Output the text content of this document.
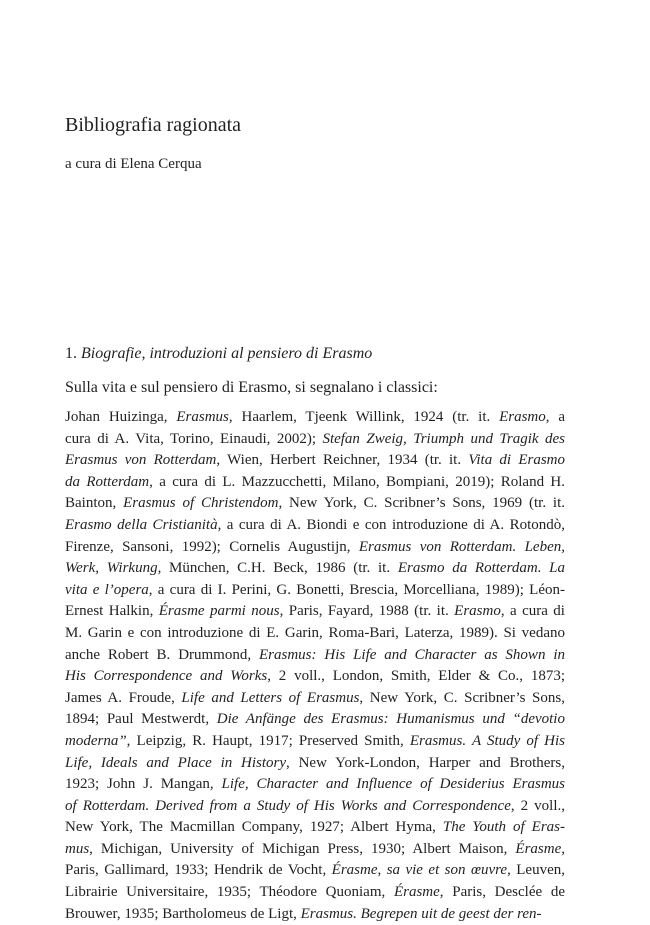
Bibliografia ragionata

a cura di Elena Cerqua

1. Biografie, introduzioni al pensiero di Erasmo

Sulla vita e sul pensiero di Erasmo, si segnalano i classici:

Johan Huizinga, Erasmus, Haarlem, Tjeenk Willink, 1924 (tr. it. Erasmo, a
cura di A. Vita, Torino, Einaudi, 2002); Stefan Zweig, Triumph und Tragik des
Erasmus von Rotterdam, Wien, Herbert Reichner, 1934 (tr. it. Vita di Erasmo
da Rotterdam, a cura di L. Mazzucchetti, Milano, Bompiani, 2019); Roland H.
Bainton, Erasmus of Christendom, New York, C. Scribner’s Sons, 1969 (tr. it.
Erasmo della Cristianità, a cura di A. Biondi e con introduzione di A. Rotondò,
Firenze, Sansoni, 1992); Cornelis Augustijn, Erasmus von Rotterdam. Leben,
Werk, Wirkung, München, C.H. Beck, 1986 (tr. it. Erasmo da Rotterdam. La
vita e l’opera, a cura di I. Perini, G. Bonetti, Brescia, Morcelliana, 1989); Léon-
Ernest Halkin, Érasme parmi nous, Paris, Fayard, 1988 (tr. it. Erasmo, a cura di
M. Garin e con introduzione di E. Garin, Roma-Bari, Laterza, 1989). Si vedano
anche Robert B. Drummond, Erasmus: His Life and Character as Shown in
His Correspondence and Works, 2 voll., London, Smith, Elder & Co., 1873;
James A. Froude, Life and Letters of Erasmus, New York, C. Scribner’s Sons,
1894; Paul Mestwerdt, Die Anfänge des Erasmus: Humanismus und “devotio
moderna”, Leipzig, R. Haupt, 1917; Preserved Smith, Erasmus. A Study of His
Life, Ideals and Place in History, New York-London, Harper and Brothers,
1923; John J. Mangan, Life, Character and Influence of Desiderius Erasmus
of Rotterdam. Derived from a Study of His Works and Correspondence, 2 voll.,
New York, The Macmillan Company, 1927; Albert Hyma, The Youth of Eras-
mus, Michigan, University of Michigan Press, 1930; Albert Maison, Érasme,
Paris, Gallimard, 1933; Hendrik de Vocht, Érasme, sa vie et son œuvre, Leuven,
Librairie Universitaire, 1935; Théodore Quoniam, Érasme, Paris, Desclée de
Brouwer, 1935; Bartholomeus de Ligt, Erasmus. Begrepen uit de geest der ren-
